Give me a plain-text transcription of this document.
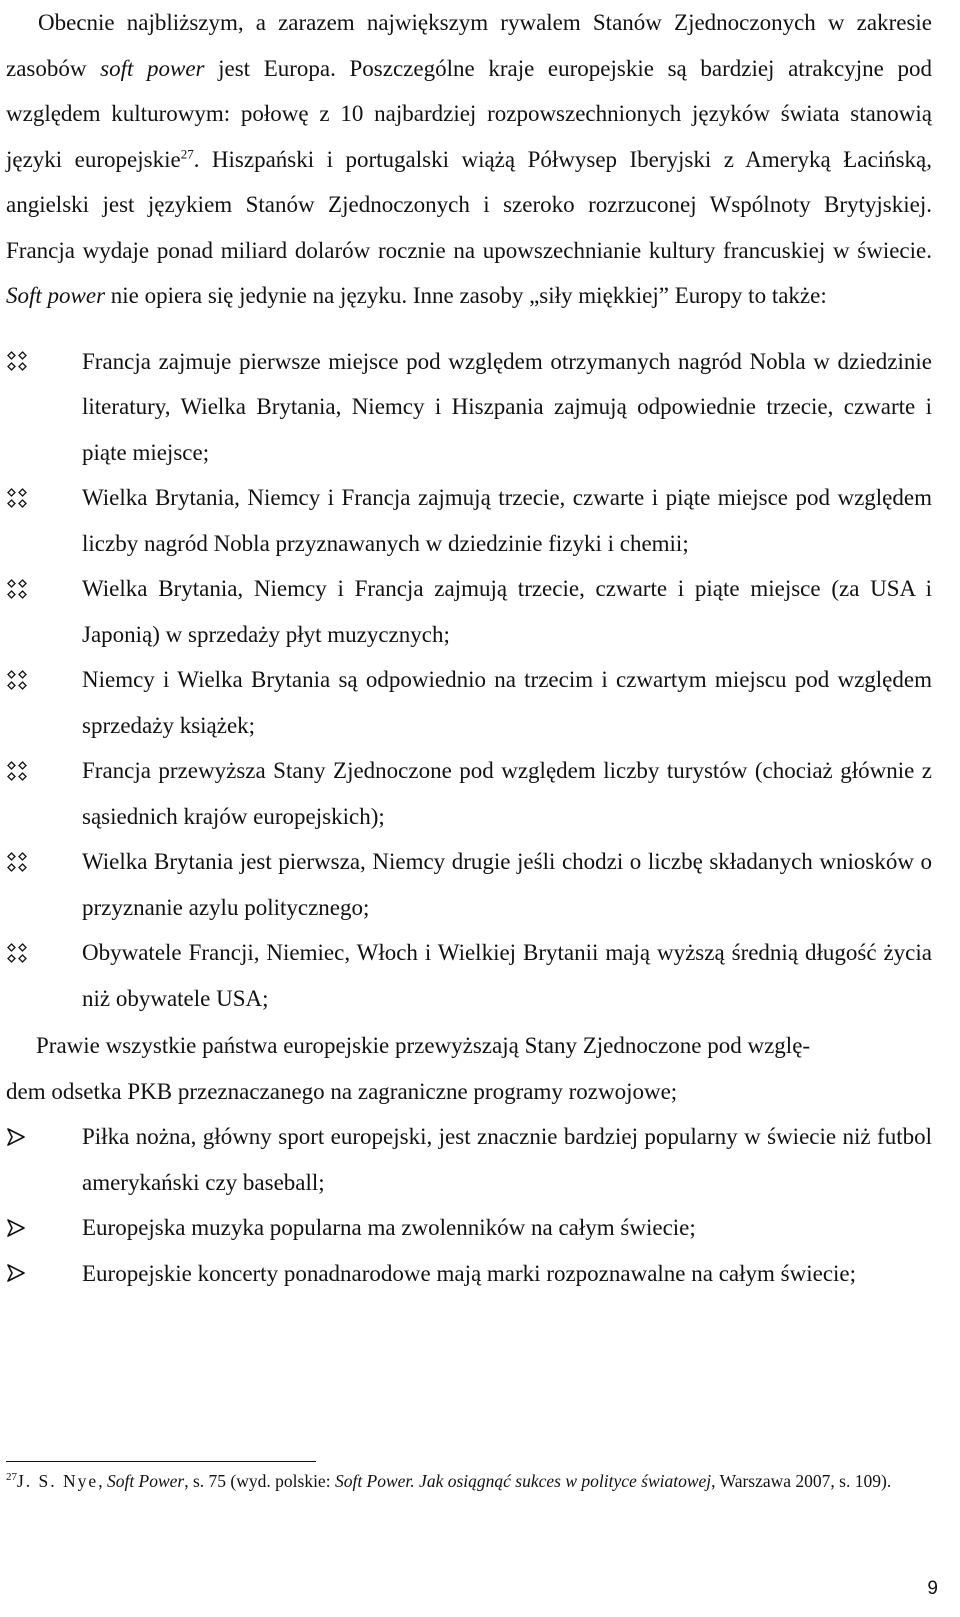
Obecnie najbliższym, a zarazem największym rywalem Stanów Zjednoczonych w zakresie zasobów soft power jest Europa. Poszczególne kraje europejskie są bardziej atrakcyjne pod względem kulturowym: połowę z 10 najbardziej rozpowszechnionych języków świata stanowią języki europejskie$^{27}$. Hiszpański i portugalski wiążą Półwysep Iberyjski z Ameryką Łacińską, angielski jest językiem Stanów Zjednoczonych i szeroko rozrzuconej Wspólnoty Brytyjskiej. Francja wydaje ponad miliard dolarów rocznie na upowszechnianie kultury francuskiej w świecie. Soft power nie opiera się jedynie na języku. Inne zasoby „siły miękkiej” Europy to także:

Francja zajmuje pierwsze miejsce pod względem otrzymanych nagród Nobla w dziedzinie literatury, Wielka Brytania, Niemcy i Hiszpania zajmują odpowiednie trzecie, czwarte i piąte miejsce;
Wielka Brytania, Niemcy i Francja zajmują trzecie, czwarte i piąte miejsce pod względem liczby nagród Nobla przyznawanych w dziedzinie fizyki i chemii;
Wielka Brytania, Niemcy i Francja zajmują trzecie, czwarte i piąte miejsce (za USA i Japonią) w sprzedaży płyt muzycznych;
Niemcy i Wielka Brytania są odpowiednio na trzecim i czwartym miejscu pod względem sprzedaży książek;
Francja przewyższa Stany Zjednoczone pod względem liczby turystów (chociaż głównie z sąsiednich krajów europejskich);
Wielka Brytania jest pierwsza, Niemcy drugie jeśli chodzi o liczbę składanych wniosków o przyznanie azylu politycznego;
Obywatele Francji, Niemiec, Włoch i Wielkiej Brytanii mają wyższą średnią długość życia niż obywatele USA;

Prawie wszystkie państwa europejskie przewyższają Stany Zjednoczone pod wzglę-
dem odsetka PKB przeznaczanego na zagraniczne programy rozwojowe;

Piłka nożna, główny sport europejski, jest znacznie bardziej popularny w świecie niż futbol amerykański czy baseball;
Europejska muzyka popularna ma zwolenników na całym świecie;
Europejskie koncerty ponadnarodowe mają marki rozpoznawalne na całym świecie;
$^{27}$J. S. Nye, Soft Power, s. 75 (wyd. polskie: Soft Power. Jak osiągnąć sukces w polityce światowej, Warszawa 2007, s. 109).
9
